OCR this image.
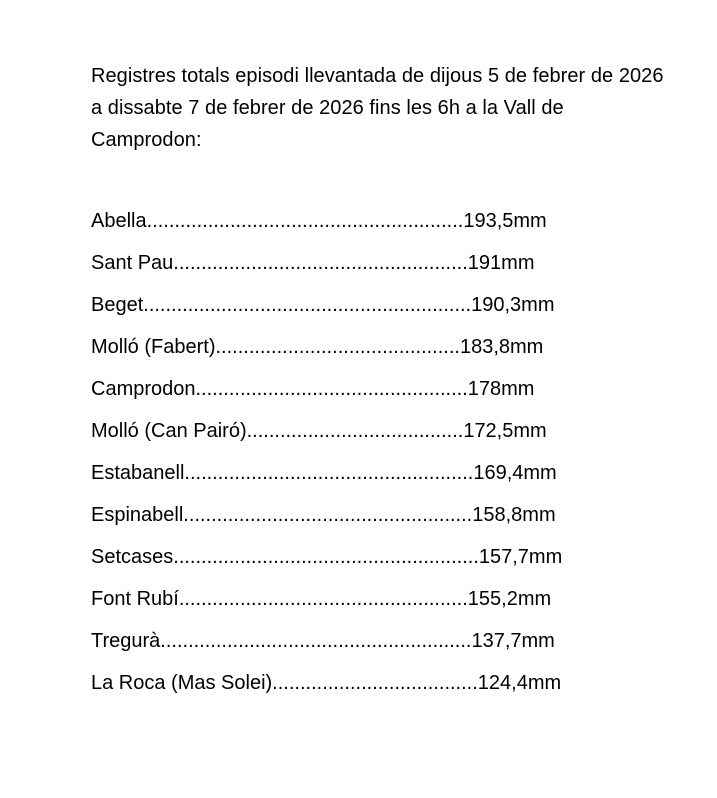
Registres totals episodi llevantada de dijous 5 de febrer de 2026 a dissabte 7 de febrer de 2026 fins les 6h a la Vall de Camprodon:

Abella.........................................................193,5mm
Sant Pau.....................................................191mm
Beget...........................................................190,3mm
Molló (Fabert)............................................183,8mm
Camprodon.................................................178mm
Molló (Can Pairó).......................................172,5mm
Estabanell....................................................169,4mm
Espinabell....................................................158,8mm
Setcases.......................................................157,7mm
Font Rubí....................................................155,2mm
Tregurà........................................................137,7mm
La Roca (Mas Solei).....................................124,4mm
